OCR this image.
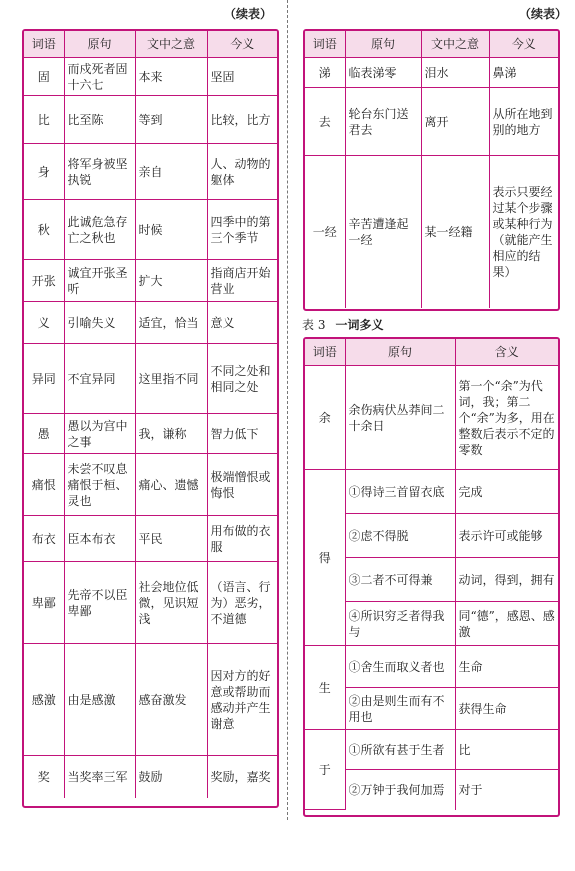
（续表）	（续表）
词语	原句	文中之意	今义
固	而戍死者固十六七	本来	坚固
比	比至陈	等到	比较，比方
身	将军身被坚执锐	亲自	人、动物的躯体
秋	此诚危急存亡之秋也	时候	四季中的第三个季节
开张	诚宜开张圣听	扩大	指商店开始营业
义	引喻失义	适宜，恰当	意义
异同	不宜异同	这里指不同	不同之处和相同之处
愚	愚以为宫中之事	我，谦称	智力低下
痛恨	未尝不叹息痛恨于桓、灵也	痛心、遗憾	极端憎恨或悔恨
布衣	臣本布衣	平民	用布做的衣服
卑鄙	先帝不以臣卑鄙	社会地位低微，见识短浅	（语言、行为）恶劣，不道德
感激	由是感激	感奋激发	因对方的好意或帮助而感动并产生谢意
奖	当奖率三军	鼓励	奖励，嘉奖
词语	原句	文中之意	今义
涕	临表涕零	泪水	鼻涕
去	轮台东门送君去	离开	从所在地到别的地方
一经	辛苦遭逢起一经	某一经籍	表示只要经过某个步骤或某种行为（就能产生相应的结果）
表 3 一词多义
词语	原句	含义
余	余伤病伏丛莽间二十余日	第一个“余”为代词，我；第二个“余”为多，用在整数后表示不定的零数
得	①得诗三首留衣底	完成
	②虑不得脱	表示许可或能够
	③二者不可得兼	动词，得到，拥有
	④所识穷乏者得我与	同“德”，感恩、感激
生	①舍生而取义者也	生命
	②由是则生而有不用也	获得生命
于	①所欲有甚于生者	比
	②万钟于我何加焉	对于
